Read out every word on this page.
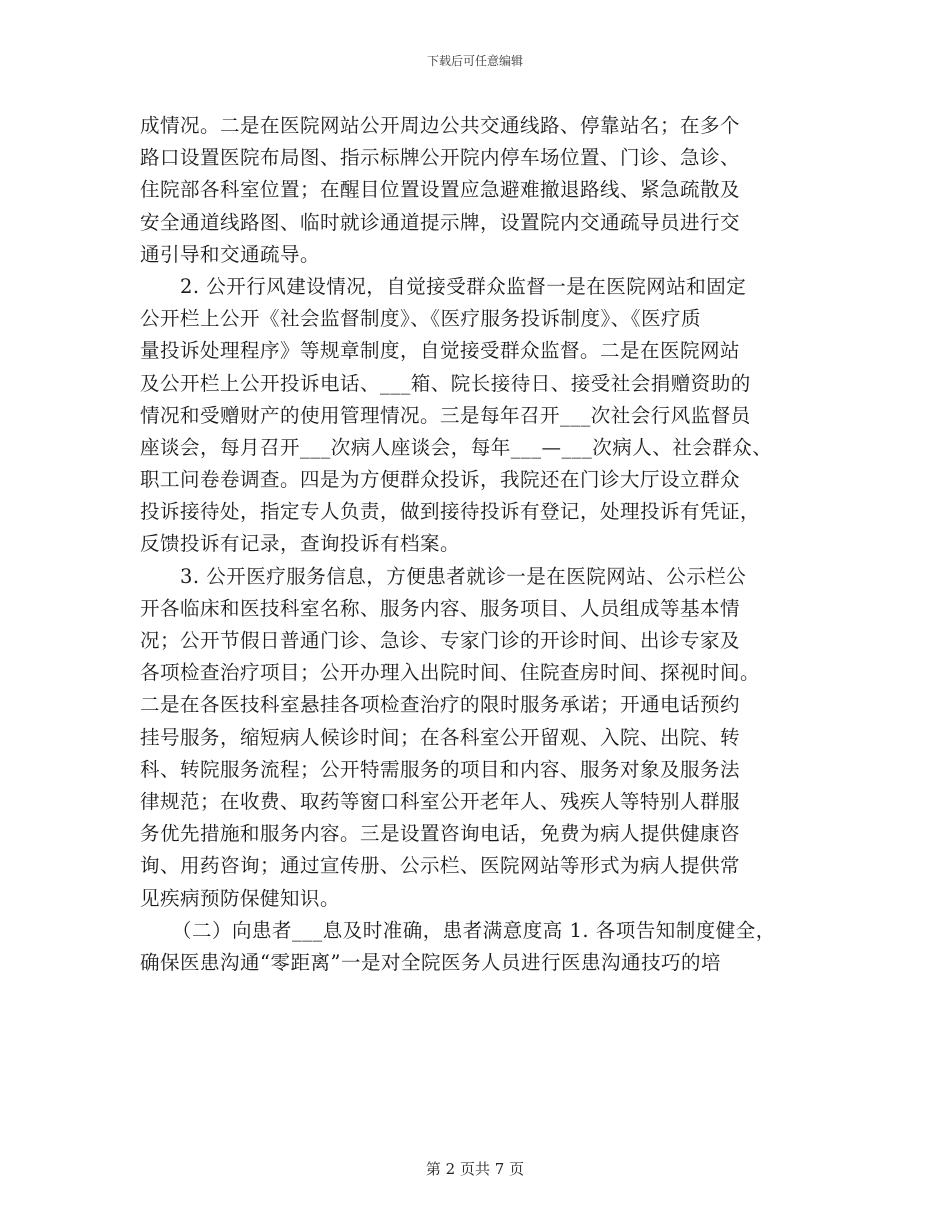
下载后可任意编辑
成情况。二是在医院网站公开周边公共交通线路、停靠站名；在多个
路口设置医院布局图、指示标牌公开院内停车场位置、门诊、急诊、
住院部各科室位置；在醒目位置设置应急避难撤退路线、紧急疏散及
安全通道线路图、临时就诊通道提示牌，设置院内交通疏导员进行交
通引导和交通疏导。
2. 公开行风建设情况，自觉接受群众监督一是在医院网站和固定
公开栏上公开《社会监督制度》、《医疗服务投诉制度》、《医疗质
量投诉处理程序》等规章制度，自觉接受群众监督。二是在医院网站
及公开栏上公开投诉电话、___箱、院长接待日、接受社会捐赠资助的
情况和受赠财产的使用管理情况。三是每年召开___次社会行风监督员
座谈会，每月召开___次病人座谈会，每年___—___次病人、社会群众、
职工问卷卷调查。四是为方便群众投诉，我院还在门诊大厅设立群众
投诉接待处，指定专人负责，做到接待投诉有登记，处理投诉有凭证，
反馈投诉有记录，查询投诉有档案。
3. 公开医疗服务信息，方便患者就诊一是在医院网站、公示栏公
开各临床和医技科室名称、服务内容、服务项目、人员组成等基本情
况；公开节假日普通门诊、急诊、专家门诊的开诊时间、出诊专家及
各项检查治疗项目；公开办理入出院时间、住院查房时间、探视时间。
二是在各医技科室悬挂各项检查治疗的限时服务承诺；开通电话预约
挂号服务，缩短病人候诊时间；在各科室公开留观、入院、出院、转
科、转院服务流程；公开特需服务的项目和内容、服务对象及服务法
律规范；在收费、取药等窗口科室公开老年人、残疾人等特别人群服
务优先措施和服务内容。三是设置咨询电话，免费为病人提供健康咨
询、用药咨询；通过宣传册、公示栏、医院网站等形式为病人提供常
见疾病预防保健知识。
（二）向患者___息及时准确，患者满意度高 1. 各项告知制度健全，
确保医患沟通“零距离”一是对全院医务人员进行医患沟通技巧的培
第 2 页共 7 页
